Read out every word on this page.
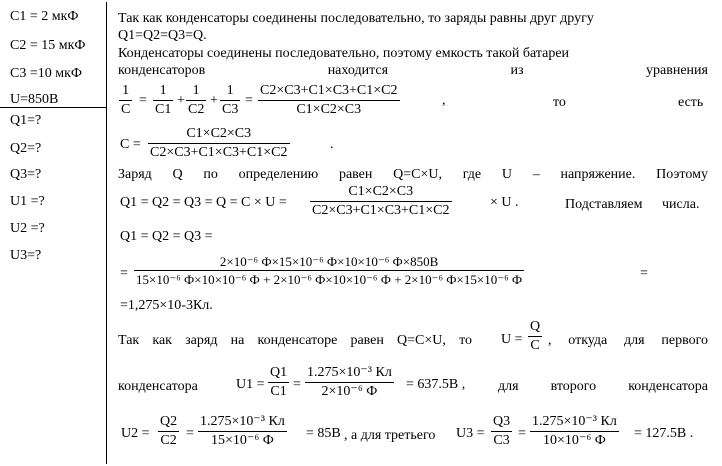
C1 = 2 мкФ
C2 = 15 мкФ
C3 =10 мкФ
U=850В
Q1=?
Q2=?
Q3=?
U1 =?
U2 =?
U3=?
Так как конденсаторы соединены последовательно, то заряды равны друг другу
Q1=Q2=Q3=Q.
Конденсаторы соединены последовательно, поэтому емкость такой батареи
конденсаторов	находится	из	уравнения
$\frac{1}{C} = \frac{1}{C1} + \frac{1}{C2} + \frac{1}{C3} = \frac{C2\times C3+C1\times C3+C1\times C2}{C1\times C2\times C3}$	,	то	есть
$C = \frac{C1\times C2\times C3}{C2\times C3+C1\times C3+C1\times C2}$	.
Заряд Q по определению равен Q=C×U, где U – напряжение. Поэтому
$Q1 = Q2 = Q3 = Q = C \times U = \frac{C1\times C2\times C3}{C2\times C3+C1\times C3+C1\times C2}$	× U .	Подставляем числа.
Q1 = Q2 = Q3 =
=
2×10⁻⁶ Ф×15×10⁻⁶ Ф×10×10⁻⁶ Ф×850В
15×10⁻⁶ Ф×10×10⁻⁶ Ф + 2×10⁻⁶ Ф×10×10⁻⁶ Ф + 2×10⁻⁶ Ф×15×10⁻⁶ Ф	=
=1,275×10-3Кл.
Так как заряд на конденсаторе равен Q=C×U, то $U = \frac{Q}{C}$ , откуда для первого
конденсатора	$U1 = \frac{Q1}{C1}$ =
1.275×10⁻³ Кл
2×10⁻⁶ Ф	= 637.5В , для второго конденсатора
$U2 = \frac{Q2}{C2}$ =
1.275×10⁻³ Кл
15×10⁻⁶ Ф	= 85В , а для третьего $U3 = \frac{Q3}{C3}$ =
1.275×10⁻³ Кл
10×10⁻⁶ Ф	= 127.5В .
